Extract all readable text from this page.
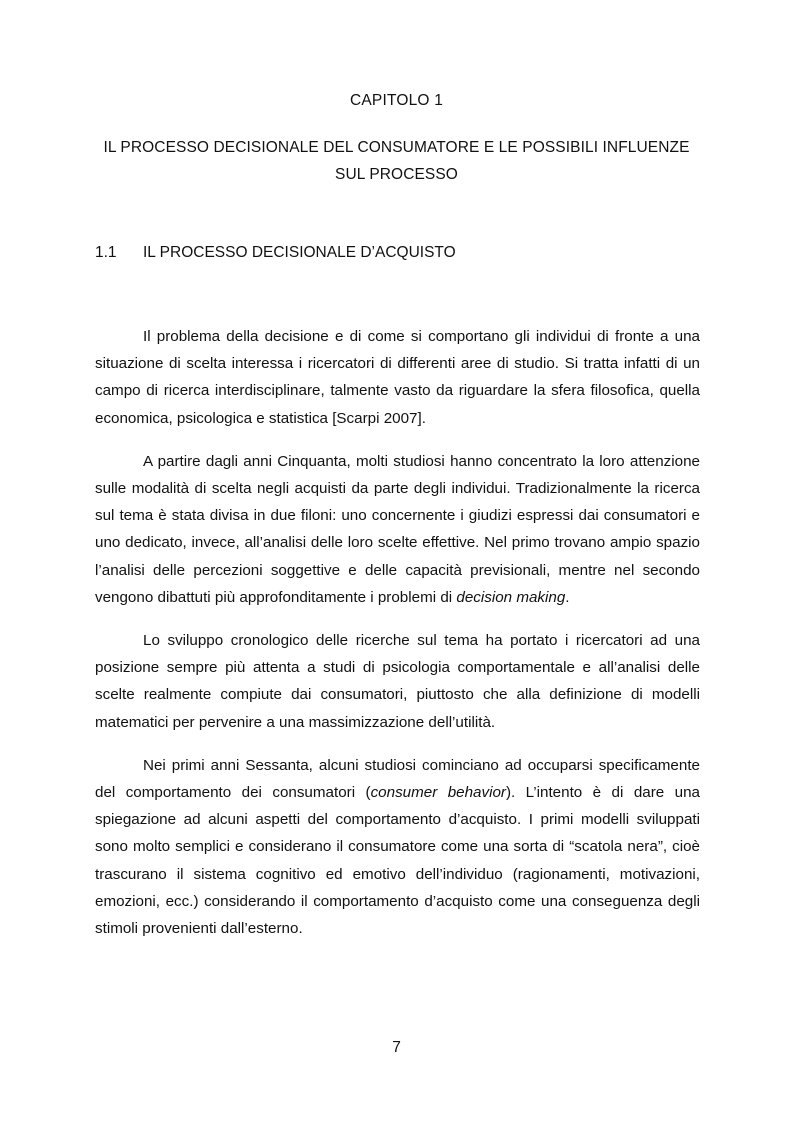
CAPITOLO 1
IL PROCESSO DECISIONALE DEL CONSUMATORE E LE POSSIBILI INFLUENZE
SUL PROCESSO
1.1 IL PROCESSO DECISIONALE D’ACQUISTO

Il problema della decisione e di come si comportano gli individui di fronte a una situazione di scelta interessa i ricercatori di differenti aree di studio. Si tratta infatti di un campo di ricerca interdisciplinare, talmente vasto da riguardare la sfera filosofica, quella economica, psicologica e statistica [Scarpi 2007].

A partire dagli anni Cinquanta, molti studiosi hanno concentrato la loro attenzione sulle modalità di scelta negli acquisti da parte degli individui. Tradizionalmente la ricerca sul tema è stata divisa in due filoni: uno concernente i giudizi espressi dai consumatori e uno dedicato, invece, all’analisi delle loro scelte effettive. Nel primo trovano ampio spazio l’analisi delle percezioni soggettive e delle capacità previsionali, mentre nel secondo vengono dibattuti più approfonditamente i problemi di decision making.

Lo sviluppo cronologico delle ricerche sul tema ha portato i ricercatori ad una posizione sempre più attenta a studi di psicologia comportamentale e all’analisi delle scelte realmente compiute dai consumatori, piuttosto che alla definizione di modelli matematici per pervenire a una massimizzazione dell’utilità.

Nei primi anni Sessanta, alcuni studiosi cominciano ad occuparsi specificamente del comportamento dei consumatori (consumer behavior). L’intento è di dare una spiegazione ad alcuni aspetti del comportamento d’acquisto. I primi modelli sviluppati sono molto semplici e considerano il consumatore come una sorta di “scatola nera”, cioè trascurano il sistema cognitivo ed emotivo dell’individuo (ragionamenti, motivazioni, emozioni, ecc.) considerando il comportamento d’acquisto come una conseguenza degli stimoli provenienti dall’esterno.

7
